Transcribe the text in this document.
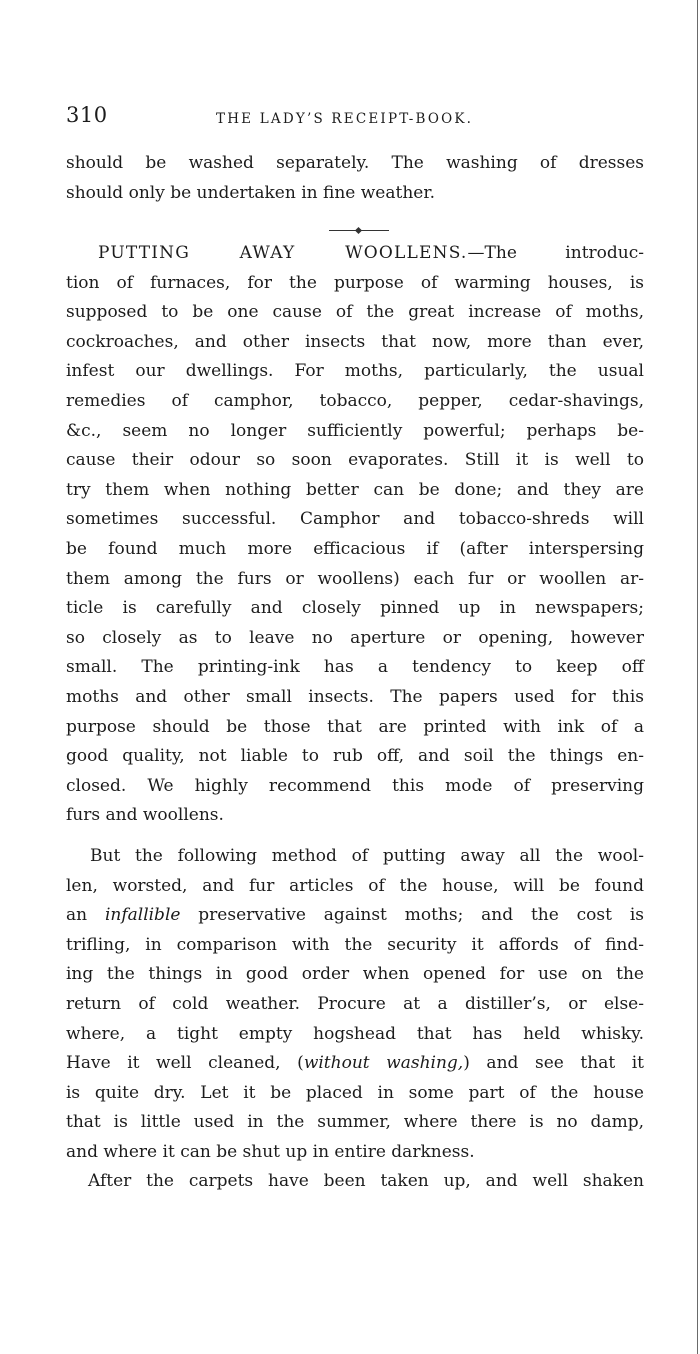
310	THE LADY’S RECEIPT-BOOK.
should be washed separately. The washing of dresses
should only be undertaken in fine weather.
PUTTING AWAY WOOLLENS.—The introduc-
tion of furnaces, for the purpose of warming houses, is
supposed to be one cause of the great increase of moths,
cockroaches, and other insects that now, more than ever,
infest our dwellings. For moths, particularly, the usual
remedies of camphor, tobacco, pepper, cedar-shavings,
&c., seem no longer sufficiently powerful; perhaps be-
cause their odour so soon evaporates. Still it is well to
try them when nothing better can be done; and they are
sometimes successful. Camphor and tobacco-shreds will
be found much more efficacious if (after interspersing
them among the furs or woollens) each fur or woollen ar-
ticle is carefully and closely pinned up in newspapers;
so closely as to leave no aperture or opening, however
small. The printing-ink has a tendency to keep off
moths and other small insects. The papers used for this
purpose should be those that are printed with ink of a
good quality, not liable to rub off, and soil the things en-
closed. We highly recommend this mode of preserving
furs and woollens.
But the following method of putting away all the wool-
len, worsted, and fur articles of the house, will be found
an infallible preservative against moths; and the cost is
trifling, in comparison with the security it affords of find-
ing the things in good order when opened for use on the
return of cold weather. Procure at a distiller’s, or else-
where, a tight empty hogshead that has held whisky.
Have it well cleaned, (without washing,) and see that it
is quite dry. Let it be placed in some part of the house
that is little used in the summer, where there is no damp,
and where it can be shut up in entire darkness.
After the carpets have been taken up, and well shaken
